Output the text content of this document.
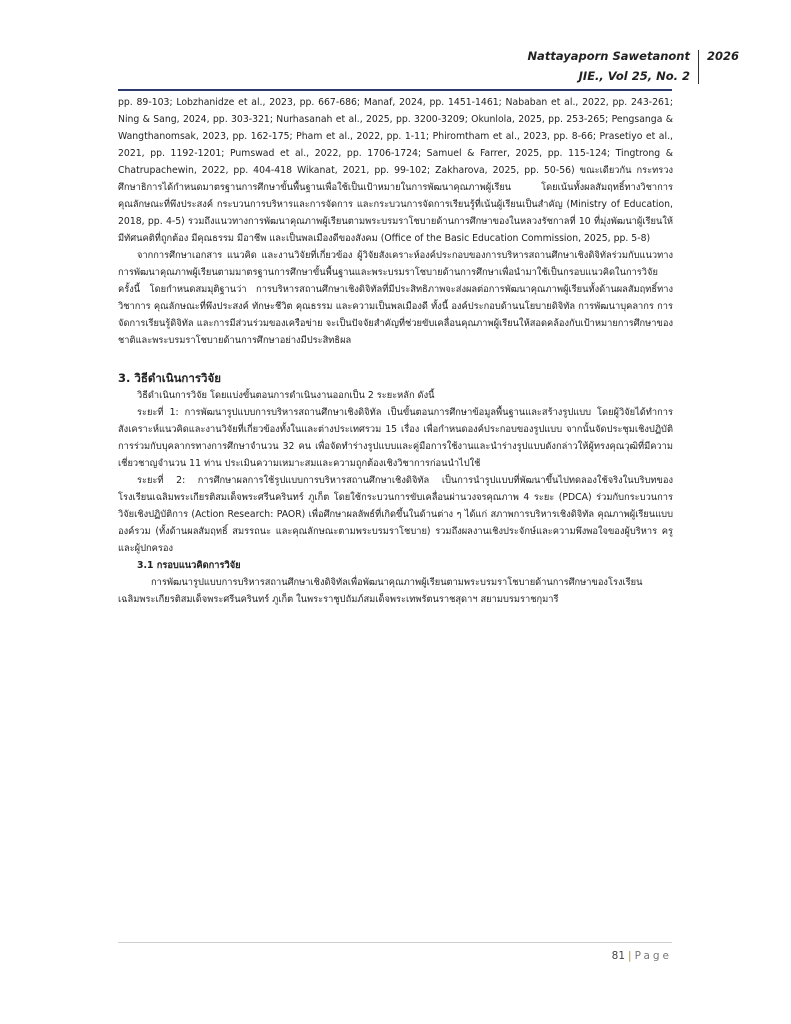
Nattayaporn Sawetanont
JIE., Vol 25, No. 2
2026

pp. 89-103; Lobzhanidze et al., 2023, pp. 667-686; Manaf, 2024, pp. 1451-1461; Nababan et al., 2022, pp. 243-261; Ning & Sang, 2024, pp. 303-321; Nurhasanah et al., 2025, pp. 3200-3209; Okunlola, 2025, pp. 253-265; Pengsanga & Wangthanomsak, 2023, pp. 162-175; Pham et al., 2022, pp. 1-11; Phiromtham et al., 2023, pp. 8-66; Prasetiyo et al., 2021, pp. 1192-1201; Pumswad et al., 2022, pp. 1706-1724; Samuel & Farrer, 2025, pp. 115-124; Tingtrong & Chatrupachewin, 2022, pp. 404-418 Wikanat, 2021, pp. 99-102; Zakharova, 2025, pp. 50-56) ขณะเดียวกัน กระทรวงศึกษาธิการได้กำหนดมาตรฐานการศึกษาขั้นพื้นฐานเพื่อใช้เป็นเป้าหมายในการพัฒนาคุณภาพผู้เรียน โดยเน้นทั้งผลสัมฤทธิ์ทางวิชาการ คุณลักษณะที่พึงประสงค์ กระบวนการบริหารและการจัดการ และกระบวนการจัดการเรียนรู้ที่เน้นผู้เรียนเป็นสำคัญ (Ministry of Education, 2018, pp. 4-5) รวมถึงแนวทางการพัฒนาคุณภาพผู้เรียนตามพระบรมราโชบายด้านการศึกษาของในหลวงรัชกาลที่ 10 ที่มุ่งพัฒนาผู้เรียนให้มีทัศนคติที่ถูกต้อง มีคุณธรรม มีอาชีพ และเป็นพลเมืองดีของสังคม (Office of the Basic Education Commission, 2025, pp. 5-8)

จากการศึกษาเอกสาร แนวคิด และงานวิจัยที่เกี่ยวข้อง ผู้วิจัยสังเคราะห์องค์ประกอบของการบริหารสถานศึกษาเชิงดิจิทัลร่วมกับแนวทางการพัฒนาคุณภาพผู้เรียนตามมาตรฐานการศึกษาขั้นพื้นฐานและพระบรมราโชบายด้านการศึกษาเพื่อนำมาใช้เป็นกรอบแนวคิดในการวิจัยครั้งนี้ โดยกำหนดสมมุติฐานว่า การบริหารสถานศึกษาเชิงดิจิทัลที่มีประสิทธิภาพจะส่งผลต่อการพัฒนาคุณภาพผู้เรียนทั้งด้านผลสัมฤทธิ์ทางวิชาการ คุณลักษณะที่พึงประสงค์ ทักษะชีวิต คุณธรรม และความเป็นพลเมืองดี ทั้งนี้ องค์ประกอบด้านนโยบายดิจิทัล การพัฒนาบุคลากร การจัดการเรียนรู้ดิจิทัล และการมีส่วนร่วมของเครือข่าย จะเป็นปัจจัยสำคัญที่ช่วยขับเคลื่อนคุณภาพผู้เรียนให้สอดคล้องกับเป้าหมายการศึกษาของชาติและพระบรมราโชบายด้านการศึกษาอย่างมีประสิทธิผล

3. วิธีดำเนินการวิจัย

วิธีดำเนินการวิจัย โดยแบ่งขั้นตอนการดำเนินงานออกเป็น 2 ระยะหลัก ดังนี้

ระยะที่ 1: การพัฒนารูปแบบการบริหารสถานศึกษาเชิงดิจิทัล เป็นขั้นตอนการศึกษาข้อมูลพื้นฐานและสร้างรูปแบบ โดยผู้วิจัยได้ทำการสังเคราะห์แนวคิดและงานวิจัยที่เกี่ยวข้องทั้งในและต่างประเทศรวม 15 เรื่อง เพื่อกำหนดองค์ประกอบของรูปแบบ จากนั้นจัดประชุมเชิงปฏิบัติการร่วมกับบุคลากรทางการศึกษาจำนวน 32 คน เพื่อจัดทำร่างรูปแบบและคู่มือการใช้งานและนำร่างรูปแบบดังกล่าวให้ผู้ทรงคุณวุฒิที่มีความเชี่ยวชาญจำนวน 11 ท่าน ประเมินความเหมาะสมและความถูกต้องเชิงวิชาการก่อนนำไปใช้

ระยะที่ 2: การศึกษาผลการใช้รูปแบบการบริหารสถานศึกษาเชิงดิจิทัล เป็นการนำรูปแบบที่พัฒนาขึ้นไปทดลองใช้จริงในบริบทของโรงเรียนเฉลิมพระเกียรติสมเด็จพระศรีนครินทร์ ภูเก็ต โดยใช้กระบวนการขับเคลื่อนผ่านวงจรคุณภาพ 4 ระยะ (PDCA) ร่วมกับกระบวนการวิจัยเชิงปฏิบัติการ (Action Research: PAOR) เพื่อศึกษาผลลัพธ์ที่เกิดขึ้นในด้านต่าง ๆ ได้แก่ สภาพการบริหารเชิงดิจิทัล คุณภาพผู้เรียนแบบองค์รวม (ทั้งด้านผลสัมฤทธิ์ สมรรถนะ และคุณลักษณะตามพระบรมราโชบาย) รวมถึงผลงานเชิงประจักษ์และความพึงพอใจของผู้บริหาร ครู และผู้ปกครอง

3.1 กรอบแนวคิดการวิจัย

การพัฒนารูปแบบการบริหารสถานศึกษาเชิงดิจิทัลเพื่อพัฒนาคุณภาพผู้เรียนตามพระบรมราโชบายด้านการศึกษาของโรงเรียนเฉลิมพระเกียรติสมเด็จพระศรีนครินทร์ ภูเก็ต ในพระราชูปถัมภ์สมเด็จพระเทพรัตนราชสุดาฯ สยามบรมราชกุมารี

81 | Page
